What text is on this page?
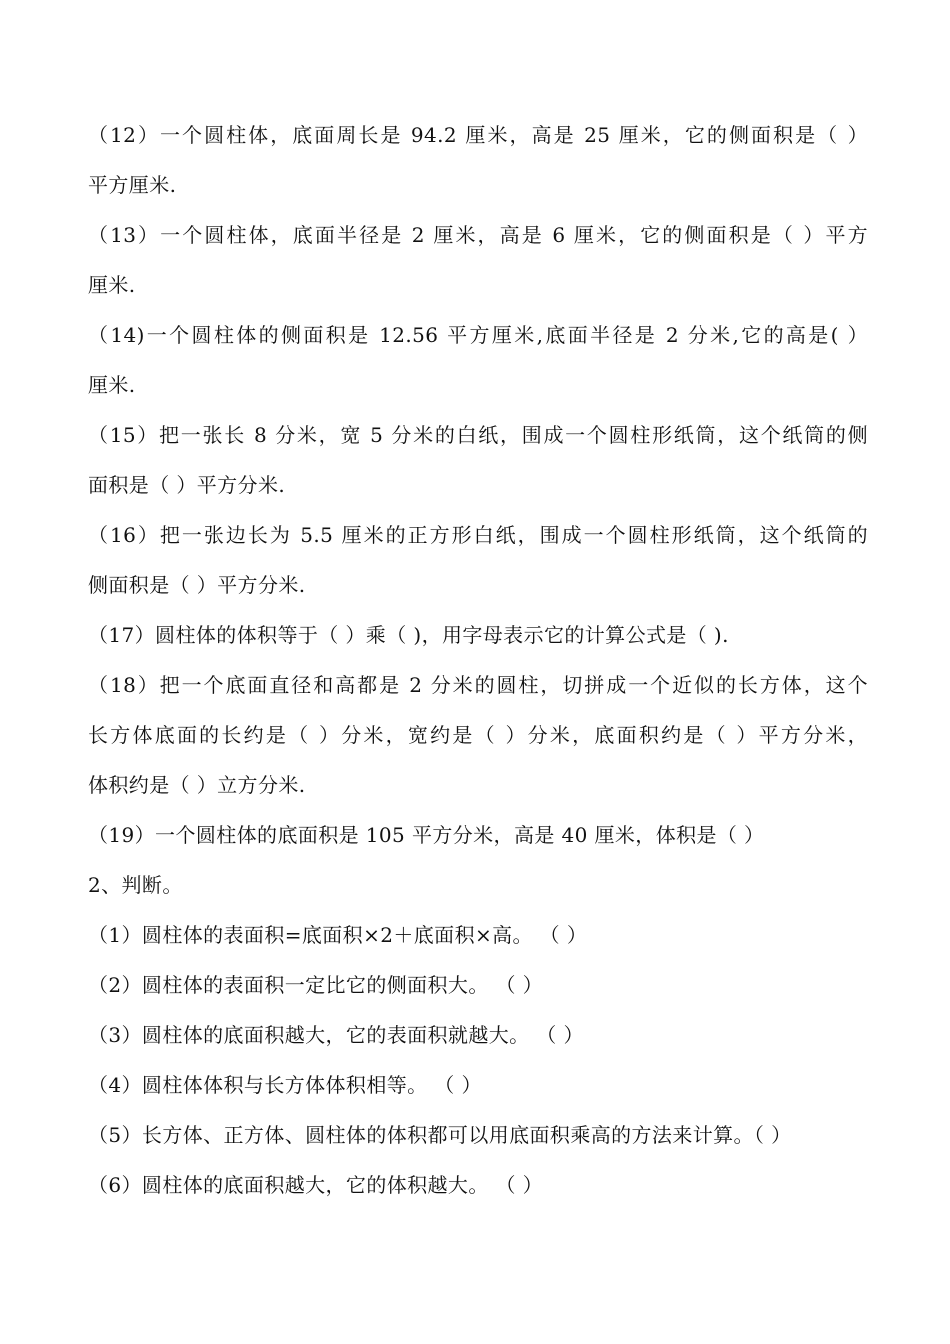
（12）一个圆柱体，底面周长是 94.2 厘米，高是 25 厘米，它的侧面积是（ ）
平方厘米.
（13）一个圆柱体，底面半径是 2 厘米，高是 6 厘米，它的侧面积是（ ）平方
厘米.
（14)一个圆柱体的侧面积是 12.56 平方厘米,底面半径是 2 分米,它的高是( ）
厘米.
（15）把一张长 8 分米，宽 5 分米的白纸，围成一个圆柱形纸筒，这个纸筒的侧
面积是（ ）平方分米.
（16）把一张边长为 5.5 厘米的正方形白纸，围成一个圆柱形纸筒，这个纸筒的
侧面积是（ ）平方分米.
（17）圆柱体的体积等于（ ）乘（ )，用字母表示它的计算公式是（ ).
（18）把一个底面直径和高都是 2 分米的圆柱，切拼成一个近似的长方体，这个
长方体底面的长约是（ ）分米，宽约是（ ）分米，底面积约是（ ）平方分米，
体积约是（ ）立方分米.
（19）一个圆柱体的底面积是 105 平方分米，高是 40 厘米，体积是（ ）
2、判断。
（1）圆柱体的表面积=底面积×2＋底面积×高。 （ ）
（2）圆柱体的表面积一定比它的侧面积大。 （ ）
（3）圆柱体的底面积越大，它的表面积就越大。 （ ）
（4）圆柱体体积与长方体体积相等。 （ ）
（5）长方体、正方体、圆柱体的体积都可以用底面积乘高的方法来计算。（ ）
（6）圆柱体的底面积越大，它的体积越大。 （ ）
